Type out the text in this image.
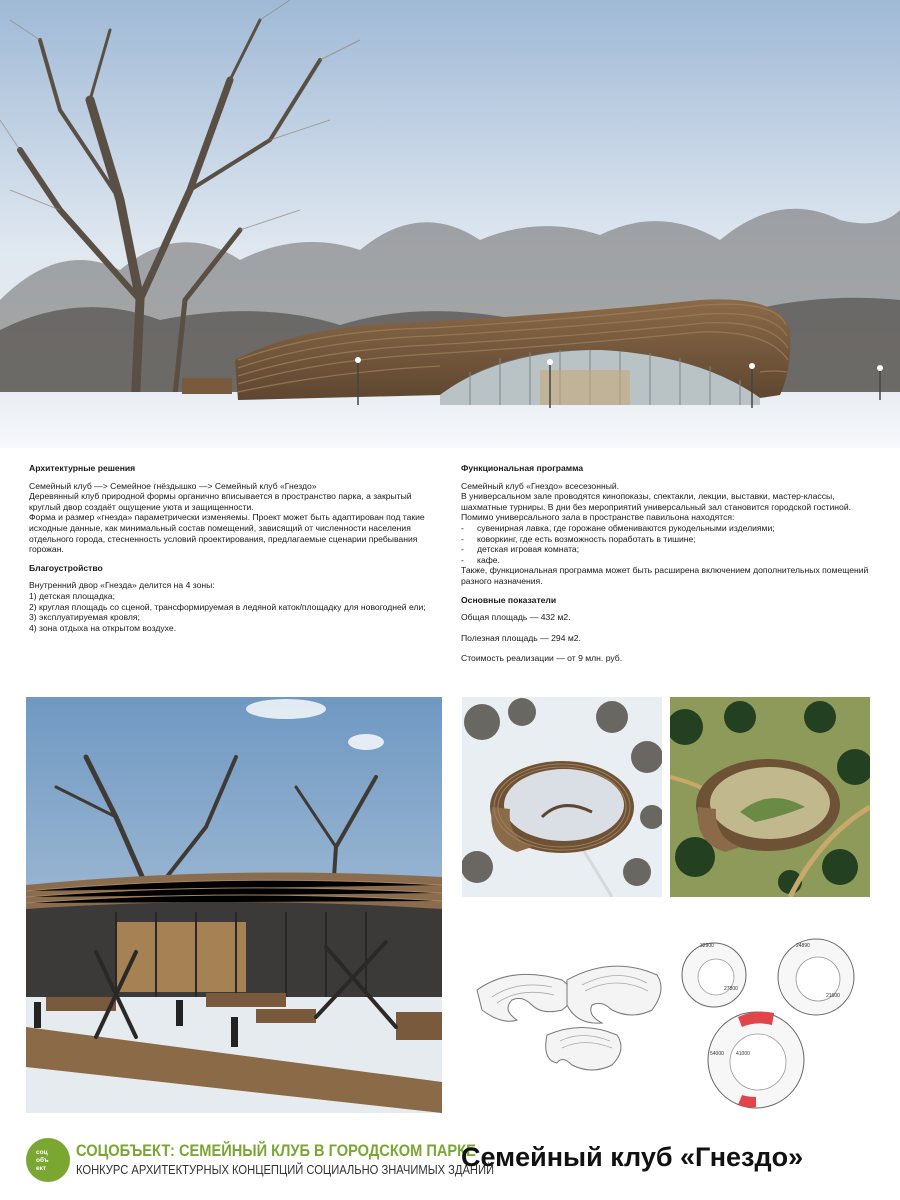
Архитектурные решения

Семейный клуб —> Семейное гнёздышко —> Семейный клуб «Гнездо»

Деревянный клуб природной формы органично вписывается в пространство парка, а закрытый круглый двор создаёт ощущение уюта и защищенности.

Форма и размер «гнезда» параметрически изменяемы. Проект может быть адаптирован под такие исходные данные, как минимальный состав помещений, зависящий от численности населения отдельного города, стесненность условий проектирования, предлагаемые сценарии пребывания горожан.

Благоустройство

Внутренний двор «Гнезда» делится на 4 зоны:

1) детская площадка;

2) круглая площадь со сценой, трансформируемая в ледяной каток/площадку для новогодней ели;

3) эксплуатируемая кровля;

4) зона отдыха на открытом воздухе.

Функциональная программа

Семейный клуб «Гнездо» всесезонный.

В универсальном зале проводятся кинопоказы, спектакли, лекции, выставки, мастер-классы, шахматные турниры. В дни без мероприятий универсальный зал становится городской гостиной.

Помимо универсального зала в пространстве павильона находятся:

- сувенирная лавка, где горожане обмениваются рукодельными изделиями;
- коворкинг, где есть возможность поработать в тишине;
- детская игровая комната;
- кафе.

Также, функциональная программа может быть расширена включением дополнительных помещений разного назначения.

Основные показатели

Общая площадь — 432 м2.

Полезная площадь — 294 м2.

Стоимость реализации — от 9 млн. руб.

32900
27800
24890
21600
41000
54000
соц
объ
ект
СОЦОБЪЕКТ: СЕМЕЙНЫЙ КЛУБ В ГОРОДСКОМ ПАРКЕ
КОНКУРС АРХИТЕКТУРНЫХ КОНЦЕПЦИЙ СОЦИАЛЬНО ЗНАЧИМЫХ ЗДАНИЙ
Семейный клуб «Гнездо»
